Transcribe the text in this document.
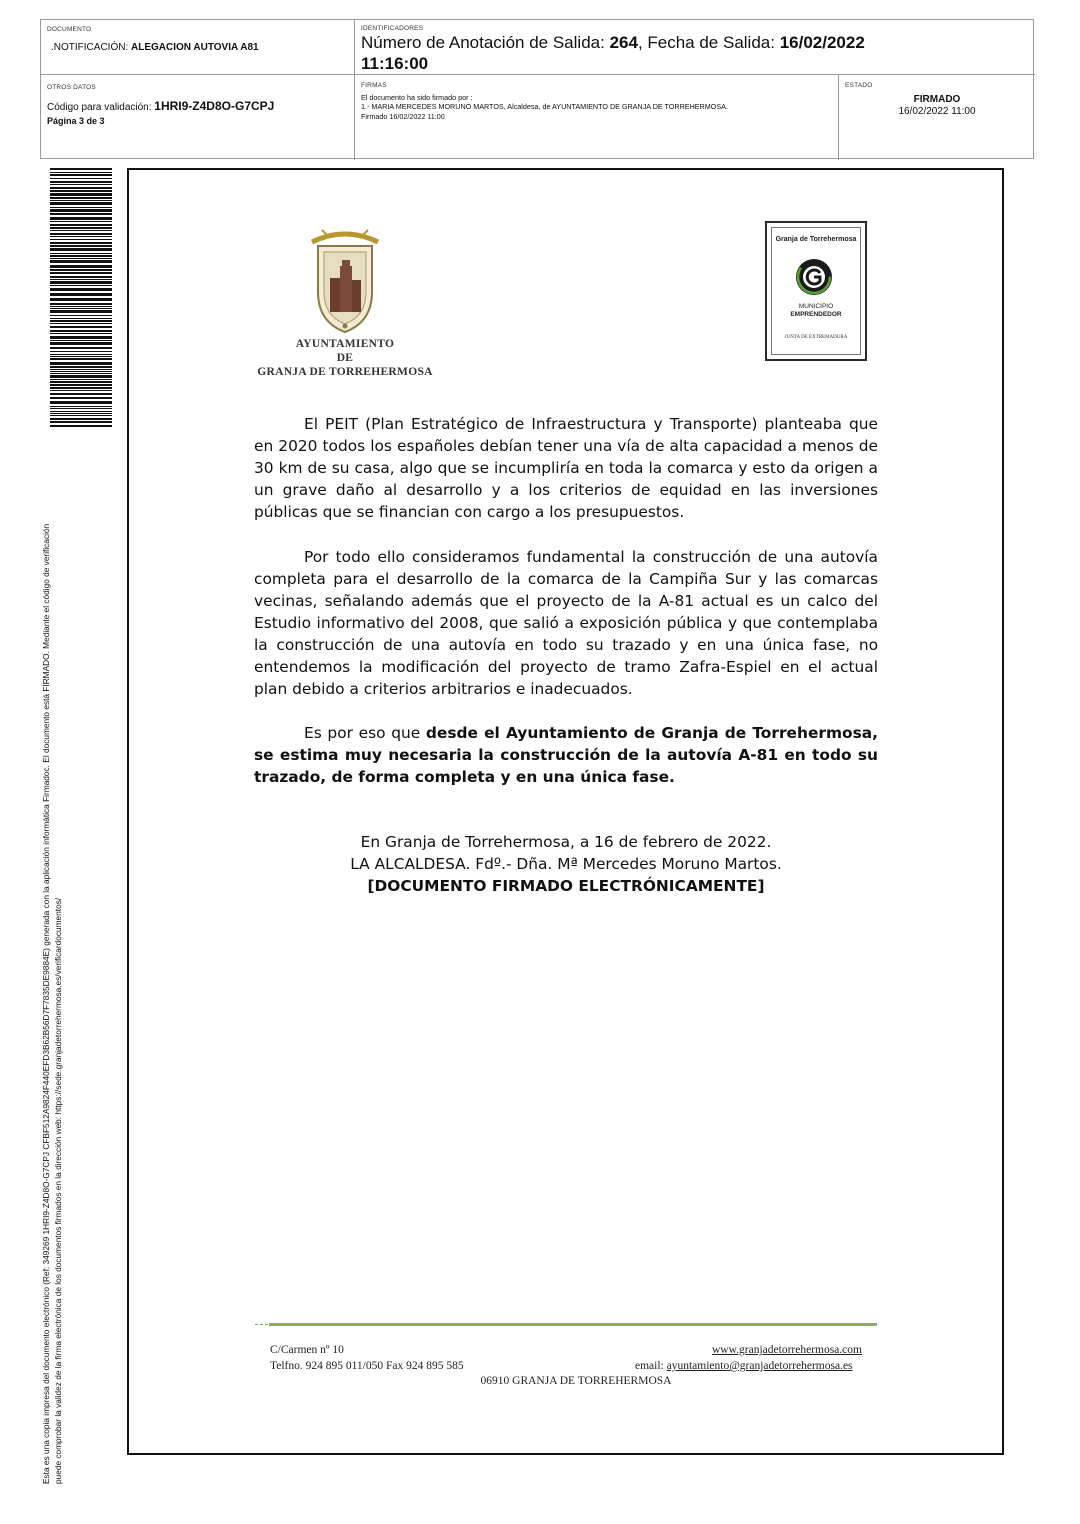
DOCUMENTO
.NOTIFICACIÓN: ALEGACION AUTOVIA A81
IDENTIFICADORES
Número de Anotación de Salida: 264, Fecha de Salida: 16/02/2022
11:16:00
OTROS DATOS
Código para validación: 1HRI9-Z4D8O-G7CPJ
Página 3 de 3
FIRMAS
El documento ha sido firmado por :
1.- MARIA MERCEDES MORUNO MARTOS, Alcaldesa, de AYUNTAMIENTO DE GRANJA DE TORREHERMOSA.
Firmado 16/02/2022 11:00
ESTADO
FIRMADO
16/02/2022 11:00
Esta es una copia impresa del documento electrónico (Ref: 349269 1HRI9-Z4D8O-G7CPJ CFBF512A9824F440EFD3B62B56D7F7835DE9884E) generada con la aplicación informática Firmadoc. El documento está FIRMADO. Mediante el código de verificación puede comprobar la validez de la firma electrónica de los documentos firmados en la dirección web: https://sede.granjadetorrehermosa.es/verificardocumentos/
AYUNTAMIENTO
DE
GRANJA DE TORREHERMOSA
Granja de Torrehermosa
MUNICIPIO
EMPRENDEDOR
JUNTA DE EXTREMADURA
El PEIT (Plan Estratégico de Infraestructura y Transporte) planteaba que en 2020 todos los españoles debían tener una vía de alta capacidad a menos de 30 km de su casa, algo que se incumpliría en toda la comarca y esto da origen a un grave daño al desarrollo y a los criterios de equidad en las inversiones públicas que se financian con cargo a los presupuestos.
Por todo ello consideramos fundamental la construcción de una autovía completa para el desarrollo de la comarca de la Campiña Sur y las comarcas vecinas, señalando además que el proyecto de la A-81 actual es un calco del Estudio informativo del 2008, que salió a exposición pública y que contemplaba la construcción de una autovía en todo su trazado y en una única fase, no entendemos la modificación del proyecto de tramo Zafra-Espiel en el actual plan debido a criterios arbitrarios e inadecuados.
Es por eso que desde el Ayuntamiento de Granja de Torrehermosa, se estima muy necesaria la construcción de la autovía A-81 en todo su trazado, de forma completa y en una única fase.
En Granja de Torrehermosa, a 16 de febrero de 2022.
LA ALCALDESA. Fdº.- Dña. Mª Mercedes Moruno Martos.
[DOCUMENTO FIRMADO ELECTRÓNICAMENTE]
C/Carmen nº 10
Telfno. 924 895 011/050 Fax 924 895 585
www.granjadetorrehermosa.com
email: ayuntamiento@granjadetorrehermosa.es
06910 GRANJA DE TORREHERMOSA
